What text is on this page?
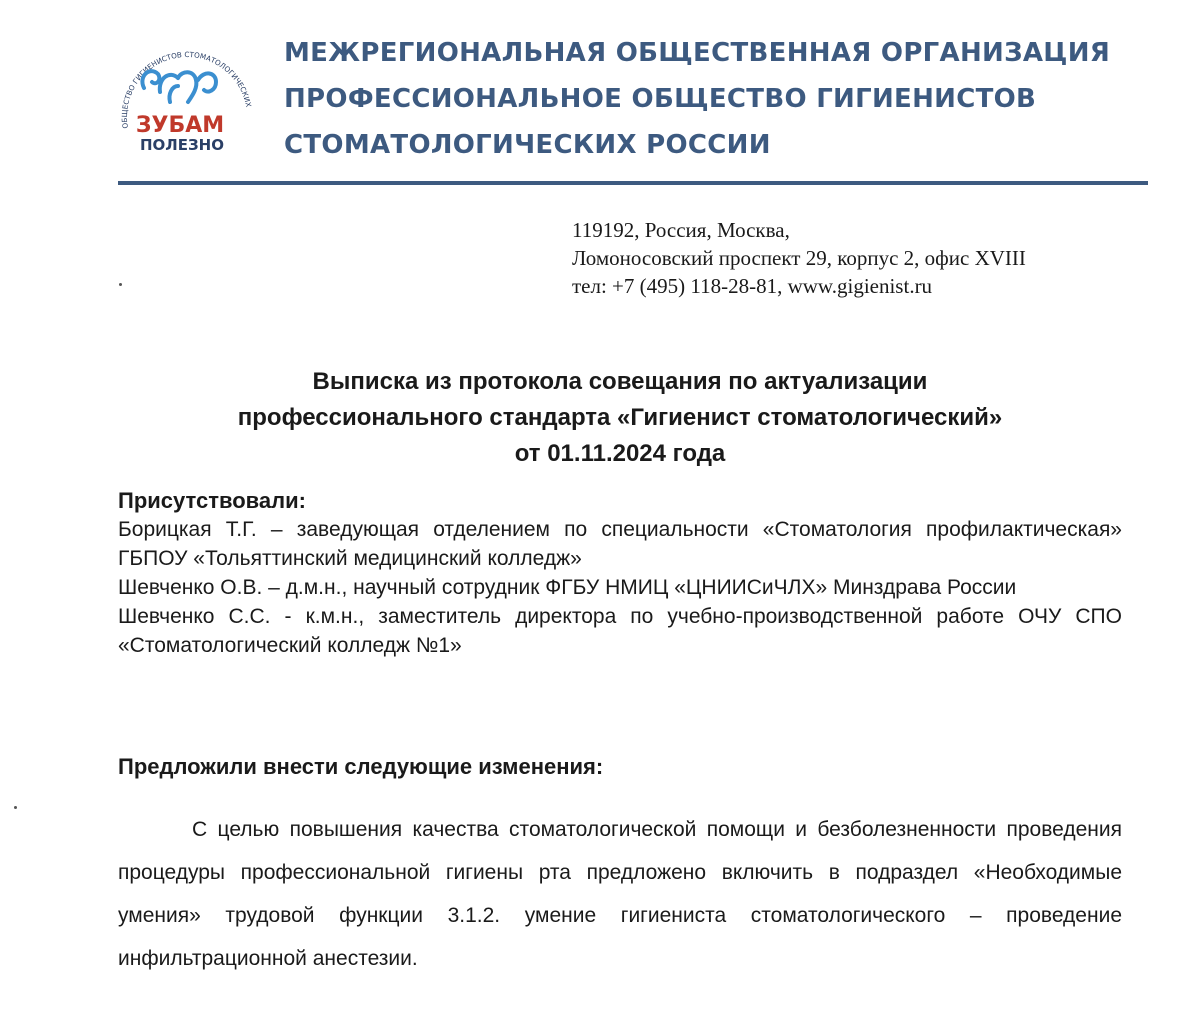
ОБЩЕСТВО ГИГИЕНИСТОВ СТОМАТОЛОГИЧЕСКИХ
ЗУБАМ
ПОЛЕЗНО
МЕЖРЕГИОНАЛЬНАЯ ОБЩЕСТВЕННАЯ ОРГАНИЗАЦИЯ
ПРОФЕССИОНАЛЬНОЕ ОБЩЕСТВО ГИГИЕНИСТОВ
СТОМАТОЛОГИЧЕСКИХ РОССИИ
119192, Россия, Москва,
Ломоносовский проспект 29, корпус 2, офис XVIII
тел: +7 (495) 118-28-81, www.gigienist.ru
Выписка из протокола совещания по актуализации
профессионального стандарта «Гигиенист стоматологический»
от 01.11.2024 года
Присутствовали:
Борицкая Т.Г. – заведующая отделением по специальности «Стоматология профилактическая» ГБПОУ «Тольяттинский медицинский колледж»
Шевченко О.В. – д.м.н., научный сотрудник ФГБУ НМИЦ «ЦНИИСиЧЛХ» Минздрава России
Шевченко С.С. - к.м.н., заместитель директора по учебно-производственной работе ОЧУ СПО «Стоматологический колледж №1»
Предложили внести следующие изменения:
С целью повышения качества стоматологической помощи и безболезненности проведения процедуры профессиональной гигиены рта предложено включить в подраздел «Необходимые умения» трудовой функции 3.1.2. умение гигиениста стоматологического – проведение инфильтрационной анестезии.
